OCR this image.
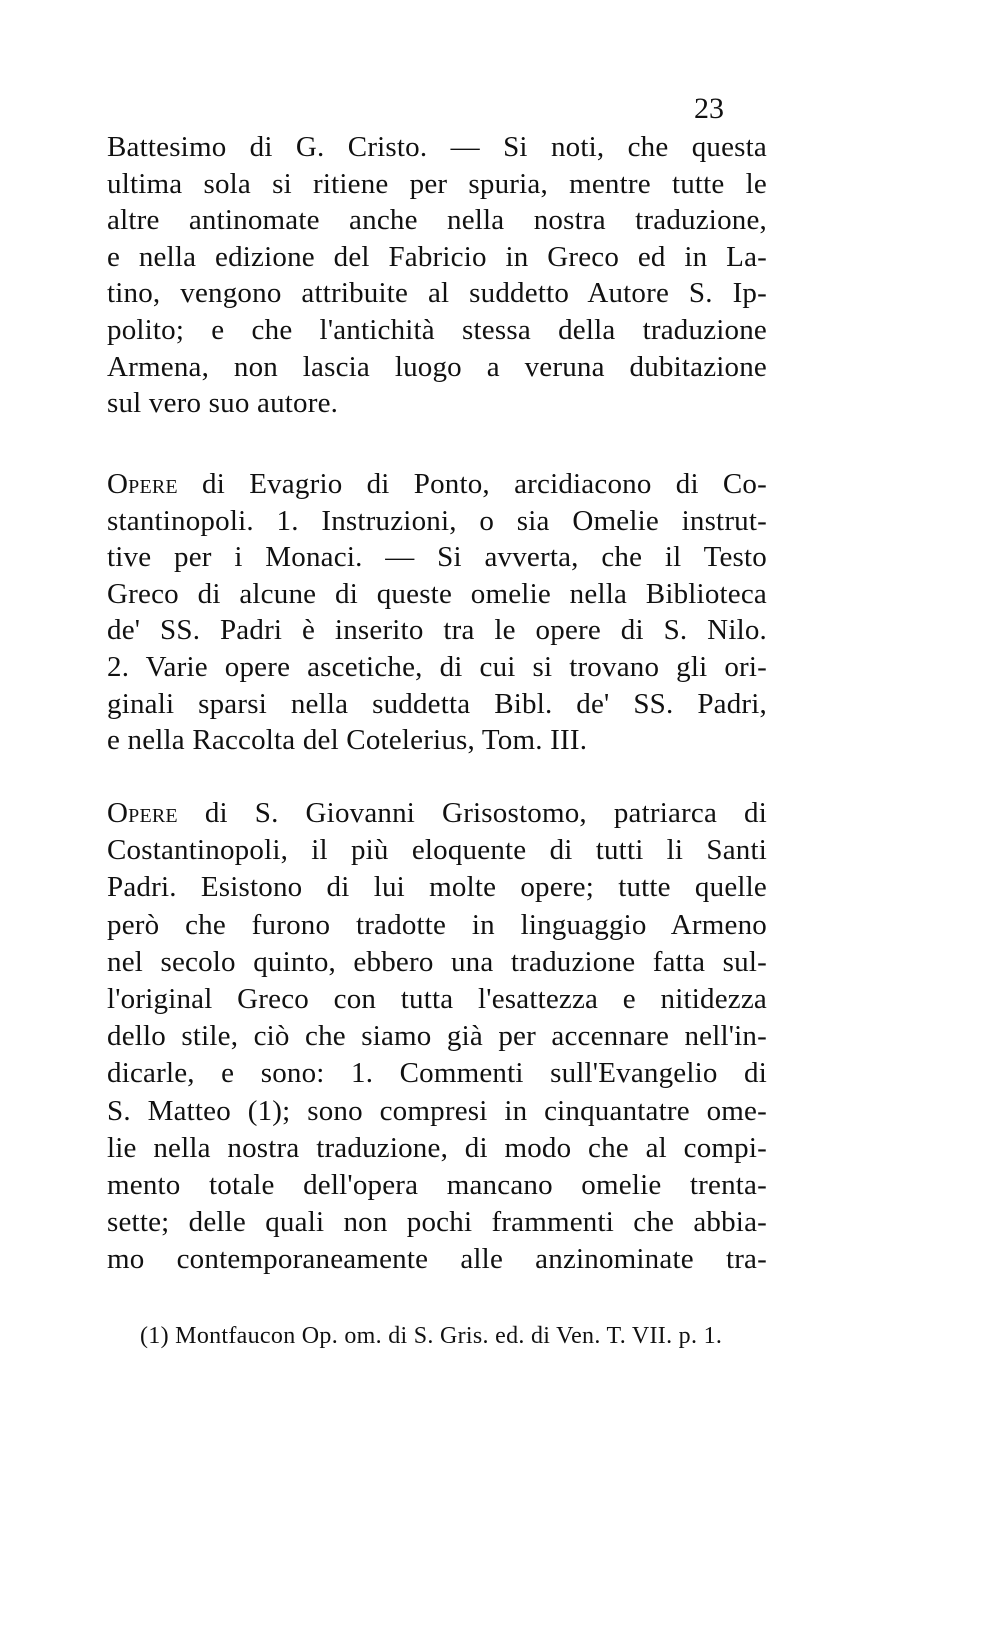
23
Battesimo di G. Cristo. — Si noti, che questa
ultima sola si ritiene per spuria, mentre tutte le
altre antinomate anche nella nostra traduzione,
e nella edizione del Fabricio in Greco ed in La-
tino, vengono attribuite al suddetto Autore S. Ip-
polito; e che l'antichità stessa della traduzione
Armena, non lascia luogo a veruna dubitazione
sul vero suo autore.
Opere di Evagrio di Ponto, arcidiacono di Co-
stantinopoli. 1. Instruzioni, o sia Omelie instrut-
tive per i Monaci. — Si avverta, che il Testo
Greco di alcune di queste omelie nella Biblioteca
de' SS. Padri è inserito tra le opere di S. Nilo.
2. Varie opere ascetiche, di cui si trovano gli ori-
ginali sparsi nella suddetta Bibl. de' SS. Padri,
e nella Raccolta del Cotelerius, Tom. III.
Opere di S. Giovanni Grisostomo, patriarca di
Costantinopoli, il più eloquente di tutti li Santi
Padri. Esistono di lui molte opere; tutte quelle
però che furono tradotte in linguaggio Armeno
nel secolo quinto, ebbero una traduzione fatta sul-
l'original Greco con tutta l'esattezza e nitidezza
dello stile, ciò che siamo già per accennare nell'in-
dicarle, e sono: 1. Commenti sull'Evangelio di
S. Matteo (1); sono compresi in cinquantatre ome-
lie nella nostra traduzione, di modo che al compi-
mento totale dell'opera mancano omelie trenta-
sette; delle quali non pochi frammenti che abbia-
mo contemporaneamente alle anzinominate tra-
(1) Montfaucon Op. om. di S. Gris. ed. di Ven. T. VII. p. 1.
